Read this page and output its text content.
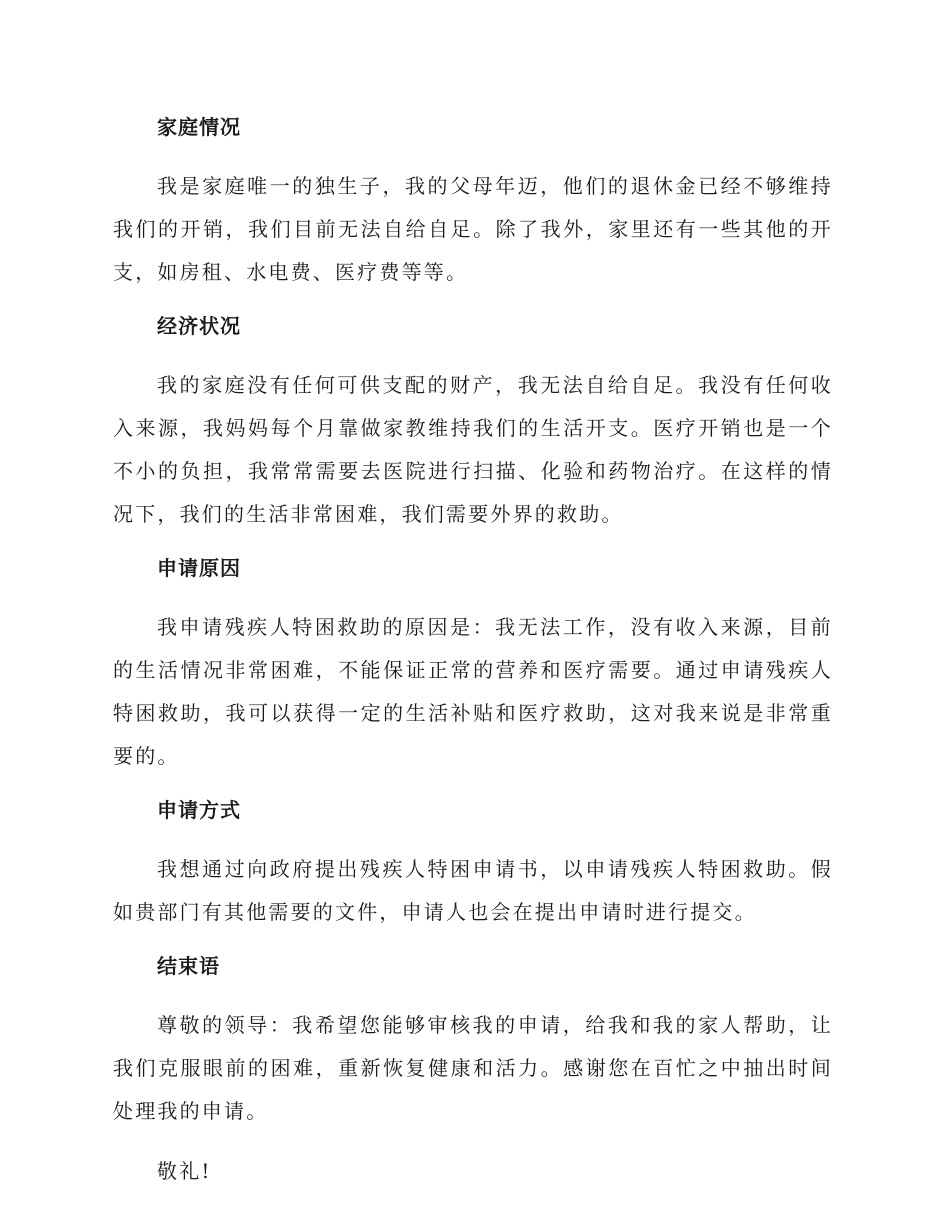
家庭情况

我是家庭唯一的独生子，我的父母年迈，他们的退休金已经不够维持我们的开销，我们目前无法自给自足。除了我外，家里还有一些其他的开支，如房租、水电费、医疗费等等。

经济状况

我的家庭没有任何可供支配的财产，我无法自给自足。我没有任何收入来源，我妈妈每个月靠做家教维持我们的生活开支。医疗开销也是一个不小的负担，我常常需要去医院进行扫描、化验和药物治疗。在这样的情况下，我们的生活非常困难，我们需要外界的救助。

申请原因

我申请残疾人特困救助的原因是：我无法工作，没有收入来源，目前的生活情况非常困难，不能保证正常的营养和医疗需要。通过申请残疾人特困救助，我可以获得一定的生活补贴和医疗救助，这对我来说是非常重要的。

申请方式

我想通过向政府提出残疾人特困申请书，以申请残疾人特困救助。假如贵部门有其他需要的文件，申请人也会在提出申请时进行提交。

结束语

尊敬的领导：我希望您能够审核我的申请，给我和我的家人帮助，让我们克服眼前的困难，重新恢复健康和活力。感谢您在百忙之中抽出时间处理我的申请。

敬礼!
